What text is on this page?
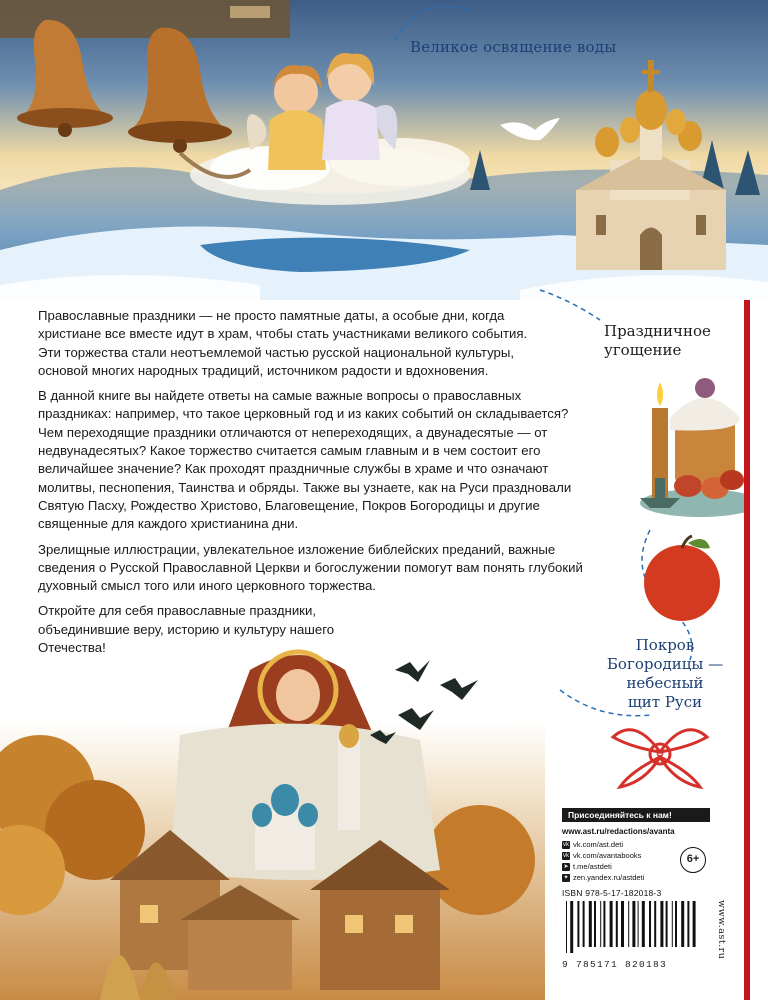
Великое освящение воды

Православные праздники — не просто памятные даты, а особые дни, когда христиане все вместе идут в храм, чтобы стать участниками великого события. Эти торжества стали неотъемлемой частью русской национальной культуры, основой многих народных традиций, источником радости и вдохновения.

В данной книге вы найдете ответы на самые важные вопросы о православных праздниках: например, что такое церковный год и из каких событий он складывается? Чем переходящие праздники отличаются от непереходящих, а двунадесятые — от недвунадесятых? Какое торжество считается самым главным и в чем состоит его величайшее значение? Как проходят праздничные службы в храме и что означают молитвы, песнопения, Таинства и обряды. Также вы узнаете, как на Руси праздновали Святую Пасху, Рождество Христово, Благовещение, Покров Богородицы и другие священные для каждого христианина дни.

Зрелищные иллюстрации, увлекательное изложение библейских преданий, важные сведения о Русской Православной Церкви и богослужении помогут вам понять глубокий духовный смысл того или иного церковного торжества.

Откройте для себя православные праздники, объединившие веру, историю и культуру нашего Отечества!

Праздничное
угощение
Покров
Богородицы —
небесный
щит Руси
Присоединяйтесь к нам!
www.ast.ru/redactions/avanta
vk vk.com/ast.deti
vk vk.com/avantabooks
➤ t.me/astdeti
✦ zen.yandex.ru/astdeti
6+
ISBN 978-5-17-182018-3
9 785171 820183
www.ast.ru
